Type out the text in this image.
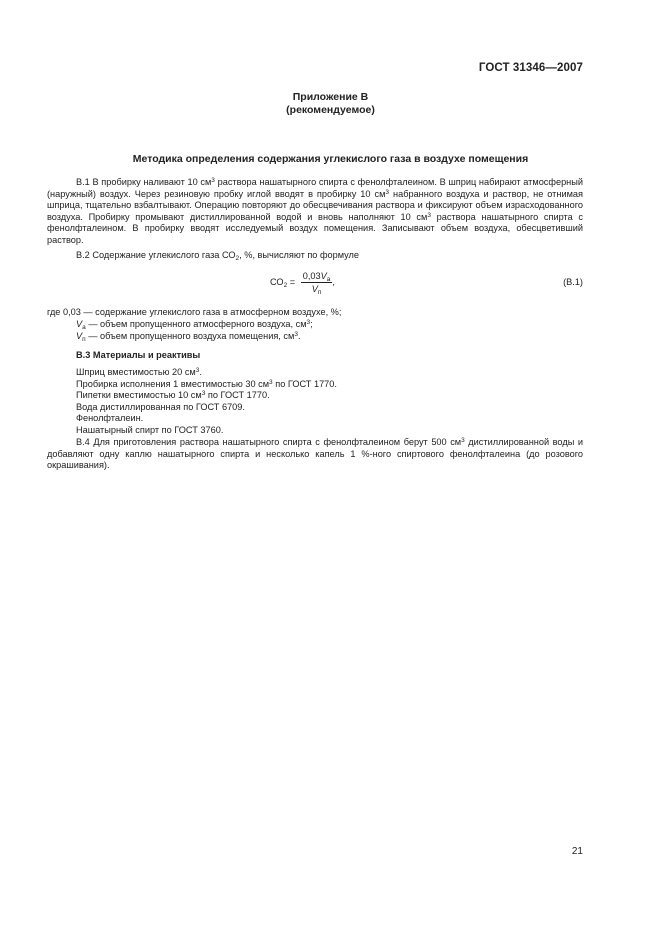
ГОСТ 31346—2007
Приложение В
(рекомендуемое)
Методика определения содержания углекислого газа в воздухе помещения
В.1 В пробирку наливают 10 $см^3$ раствора нашатырного спирта с фенолфталеином. В шприц набирают атмосферный (наружный) воздух. Через резиновую пробку иглой вводят в пробирку 10 $см^3$ набранного воздуха и раствор, не отнимая шприца, тщательно взбалтывают. Операцию повторяют до обесцвечивания раствора и фиксируют объем израсходованного воздуха. Пробирку промывают дистиллированной водой и вновь наполняют 10 $см^3$ раствора нашатырного спирта с фенолфталеином. В пробирку вводят исследуемый воздух помещения. Записывают объем воздуха, обесцветивший раствор.
В.2 Содержание углекислого газа $СО_2$, %, вычисляют по формуле
$СО_2 = \frac{0,03V_а}{V_п}$ ,	(В.1)
где 0,03 — содержание углекислого газа в атмосферном воздухе, %;
$V_а$ — объем пропущенного атмосферного воздуха, $см^3$;
$V_п$ — объем пропущенного воздуха помещения, $см^3$.
В.3 Материалы и реактивы
Шприц вместимостью 20 $см^3$.
Пробирка исполнения 1 вместимостью 30 $см^3$ по ГОСТ 1770.
Пипетки вместимостью 10 $см^3$ по ГОСТ 1770.
Вода дистиллированная по ГОСТ 6709.
Фенолфталеин.
Нашатырный спирт по ГОСТ 3760.
В.4 Для приготовления раствора нашатырного спирта с фенолфталеином берут 500 $см^3$ дистиллированной воды и добавляют одну каплю нашатырного спирта и несколько капель 1 %-ного спиртового фенолфталеина (до розового окрашивания).
21
